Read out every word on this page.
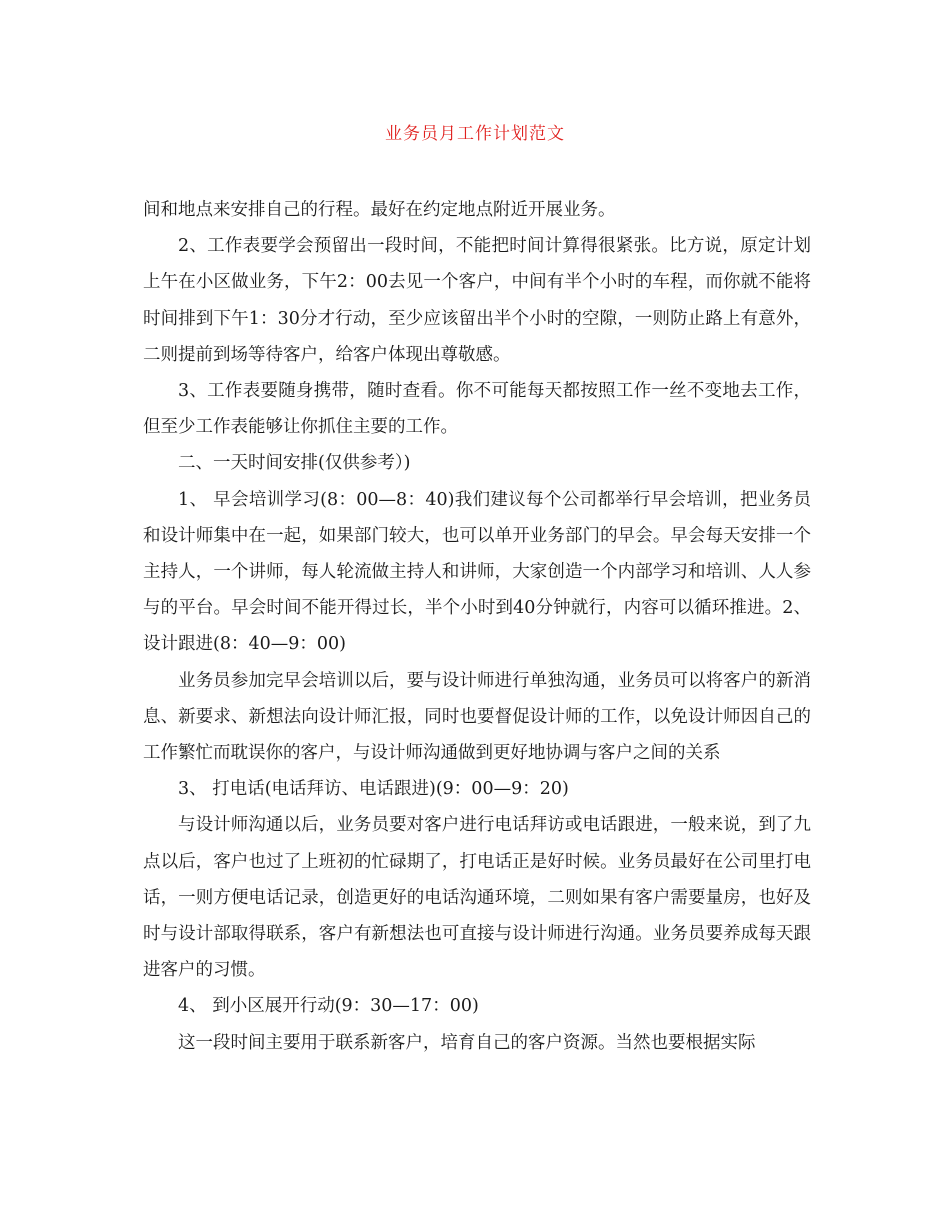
业务员月工作计划范文

间和地点来安排自己的行程。最好在约定地点附近开展业务。

2、工作表要学会预留出一段时间，不能把时间计算得很紧张。比方说，原定计划上午在小区做业务，下午2：00去见一个客户，中间有半个小时的车程，而你就不能将时间排到下午1：30分才行动，至少应该留出半个小时的空隙，一则防止路上有意外，二则提前到场等待客户，给客户体现出尊敬感。

3、工作表要随身携带，随时查看。你不可能每天都按照工作一丝不变地去工作，但至少工作表能够让你抓住主要的工作。

二、一天时间安排(仅供参考）)

1、 早会培训学习(8：00—8：40)我们建议每个公司都举行早会培训，把业务员和设计师集中在一起，如果部门较大，也可以单开业务部门的早会。早会每天安排一个主持人，一个讲师，每人轮流做主持人和讲师，大家创造一个内部学习和培训、人人参与的平台。早会时间不能开得过长，半个小时到40分钟就行，内容可以循环推进。2、 设计跟进(8：40—9：00)

业务员参加完早会培训以后，要与设计师进行单独沟通，业务员可以将客户的新消息、新要求、新想法向设计师汇报，同时也要督促设计师的工作，以免设计师因自己的工作繁忙而耽误你的客户，与设计师沟通做到更好地协调与客户之间的关系

3、 打电话(电话拜访、电话跟进)(9：00—9：20)

与设计师沟通以后，业务员要对客户进行电话拜访或电话跟进，一般来说，到了九点以后，客户也过了上班初的忙碌期了，打电话正是好时候。业务员最好在公司里打电话，一则方便电话记录，创造更好的电话沟通环境，二则如果有客户需要量房，也好及时与设计部取得联系，客户有新想法也可直接与设计师进行沟通。业务员要养成每天跟进客户的习惯。

4、 到小区展开行动(9：30—17：00)

这一段时间主要用于联系新客户，培育自己的客户资源。当然也要根据实际
